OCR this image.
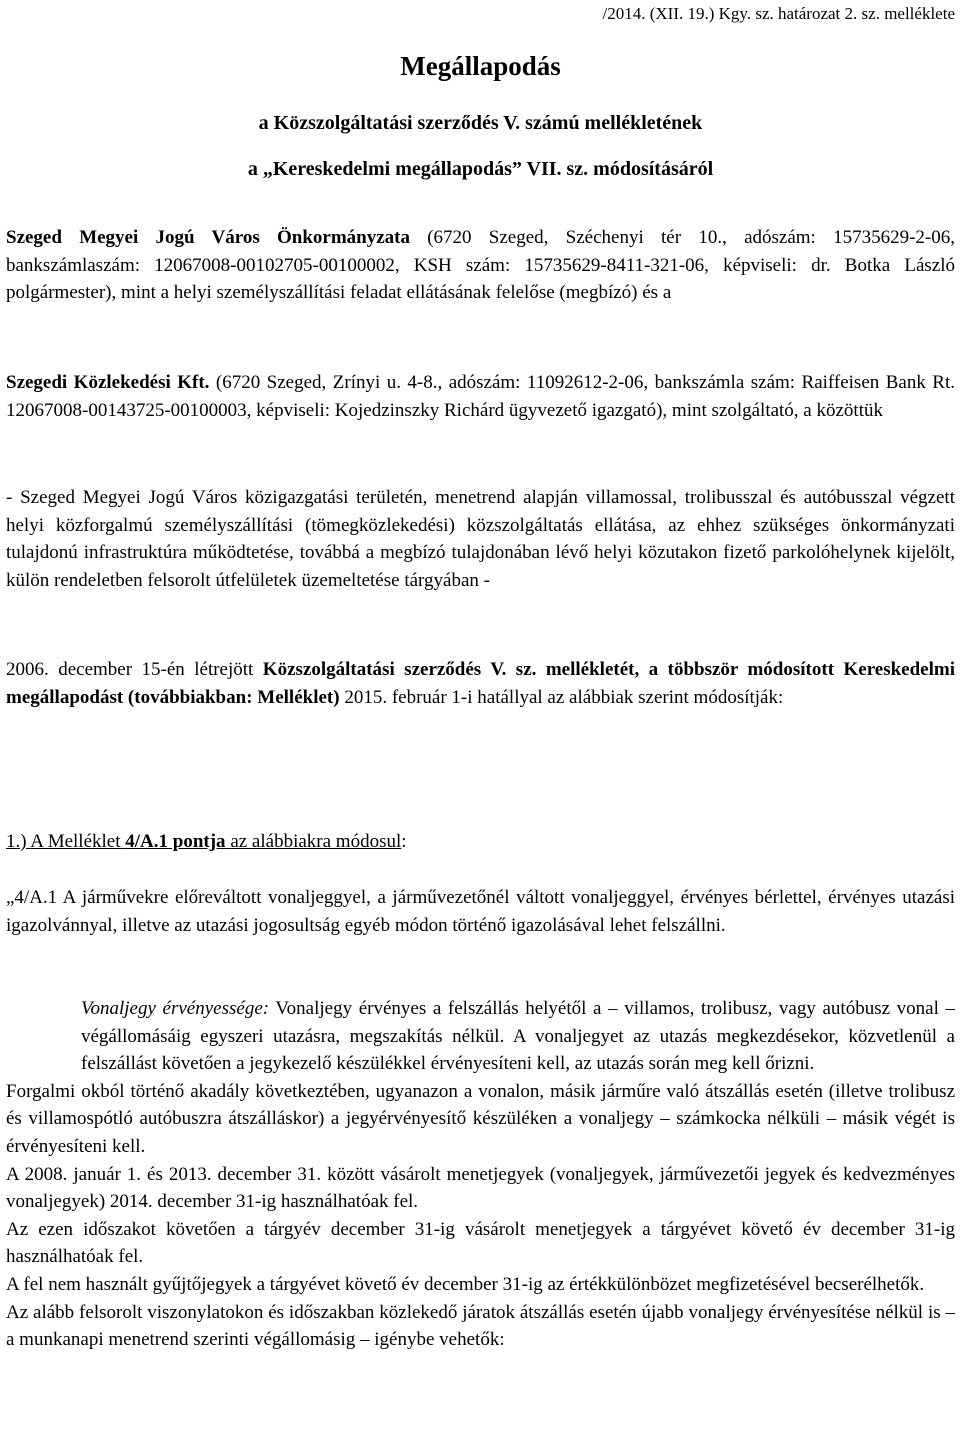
/2014. (XII. 19.) Kgy. sz. határozat 2. sz. melléklete
Megállapodás
a Közszolgáltatási szerződés V. számú mellékletének
a „Kereskedelmi megállapodás” VII. sz. módosításáról

Szeged Megyei Jogú Város Önkormányzata (6720 Szeged, Széchenyi tér 10., adószám: 15735629-2-06, bankszámlaszám: 12067008-00102705-00100002, KSH szám: 15735629-8411-321-06, képviseli: dr. Botka László polgármester), mint a helyi személyszállítási feladat ellátásának felelőse (megbízó) és a

Szegedi Közlekedési Kft. (6720 Szeged, Zrínyi u. 4-8., adószám: 11092612-2-06, bankszámla szám: Raiffeisen Bank Rt. 12067008-00143725-00100003, képviseli: Kojedzinszky Richárd ügyvezető igazgató), mint szolgáltató, a közöttük

- Szeged Megyei Jogú Város közigazgatási területén, menetrend alapján villamossal, trolibusszal és autóbusszal végzett helyi közforgalmú személyszállítási (tömegközlekedési) közszolgáltatás ellátása, az ehhez szükséges önkormányzati tulajdonú infrastruktúra működtetése, továbbá a megbízó tulajdonában lévő helyi közutakon fizető parkolóhelynek kijelölt, külön rendeletben felsorolt útfelületek üzemeltetése tárgyában -

2006. december 15-én létrejött Közszolgáltatási szerződés V. sz. mellékletét, a többször módosított Kereskedelmi megállapodást (továbbiakban: Melléklet) 2015. február 1-i hatállyal az alábbiak szerint módosítják:

1.) A Melléklet 4/A.1 pontja az alábbiakra módosul:

„4/A.1 A járművekre előreváltott vonaljeggyel, a járművezetőnél váltott vonaljeggyel, érvényes bérlettel, érvényes utazási igazolvánnyal, illetve az utazási jogosultság egyéb módon történő igazolásával lehet felszállni.

Vonaljegy érvényessége: Vonaljegy érvényes a felszállás helyétől a – villamos, trolibusz, vagy autóbusz vonal – végállomásáig egyszeri utazásra, megszakítás nélkül. A vonaljegyet az utazás megkezdésekor, közvetlenül a felszállást követően a jegykezelő készülékkel érvényesíteni kell, az utazás során meg kell őrizni.

Forgalmi okból történő akadály következtében, ugyanazon a vonalon, másik járműre való átszállás esetén (illetve trolibusz és villamospótló autóbuszra átszálláskor) a jegyérvényesítő készüléken a vonaljegy – számkocka nélküli – másik végét is érvényesíteni kell.

A 2008. január 1. és 2013. december 31. között vásárolt menetjegyek (vonaljegyek, járművezetői jegyek és kedvezményes vonaljegyek) 2014. december 31-ig használhatóak fel.

Az ezen időszakot követően a tárgyév december 31-ig vásárolt menetjegyek a tárgyévet követő év december 31-ig használhatóak fel.

A fel nem használt gyűjtőjegyek a tárgyévet követő év december 31-ig az értékkülönbözet megfizetésével becserélhetők.

Az alább felsorolt viszonylatokon és időszakban közlekedő járatok átszállás esetén újabb vonaljegy érvényesítése nélkül is – a munkanapi menetrend szerinti végállomásig – igénybe vehetők:
